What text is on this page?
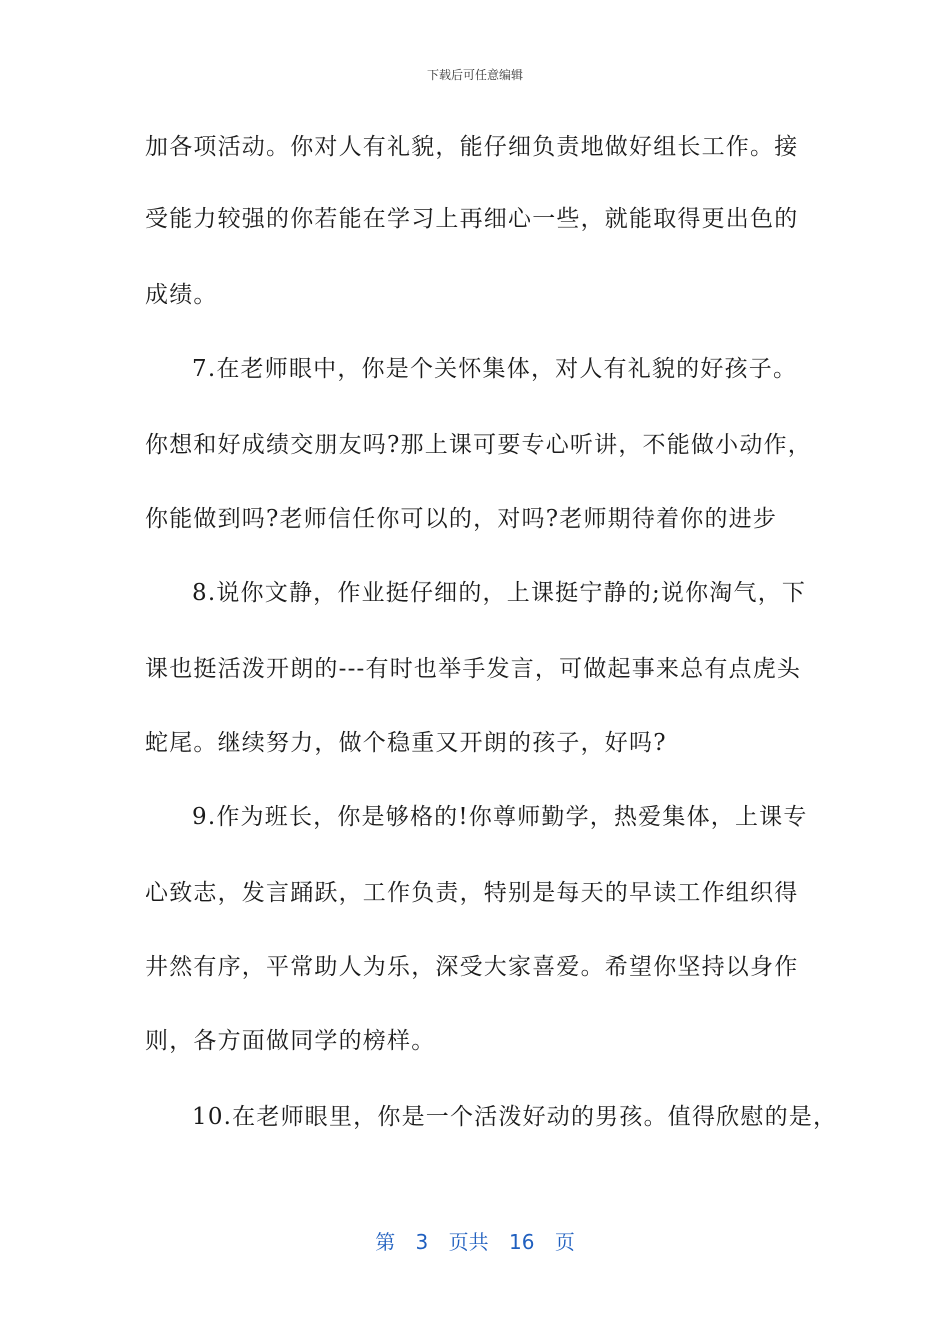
下载后可任意编辑
加各项活动。你对人有礼貌，能仔细负责地做好组长工作。接
受能力较强的你若能在学习上再细心一些，就能取得更出色的
成绩。
7.在老师眼中，你是个关怀集体，对人有礼貌的好孩子。
你想和好成绩交朋友吗?那上课可要专心听讲，不能做小动作，
你能做到吗?老师信任你可以的，对吗?老师期待着你的进步
8.说你文静，作业挺仔细的，上课挺宁静的;说你淘气，下
课也挺活泼开朗的---有时也举手发言，可做起事来总有点虎头
蛇尾。继续努力，做个稳重又开朗的孩子，好吗?
9.作为班长，你是够格的!你尊师勤学，热爱集体，上课专
心致志，发言踊跃，工作负责，特别是每天的早读工作组织得
井然有序，平常助人为乐，深受大家喜爱。希望你坚持以身作
则，各方面做同学的榜样。
10.在老师眼里，你是一个活泼好动的男孩。值得欣慰的是，
第 3 页共 16 页
